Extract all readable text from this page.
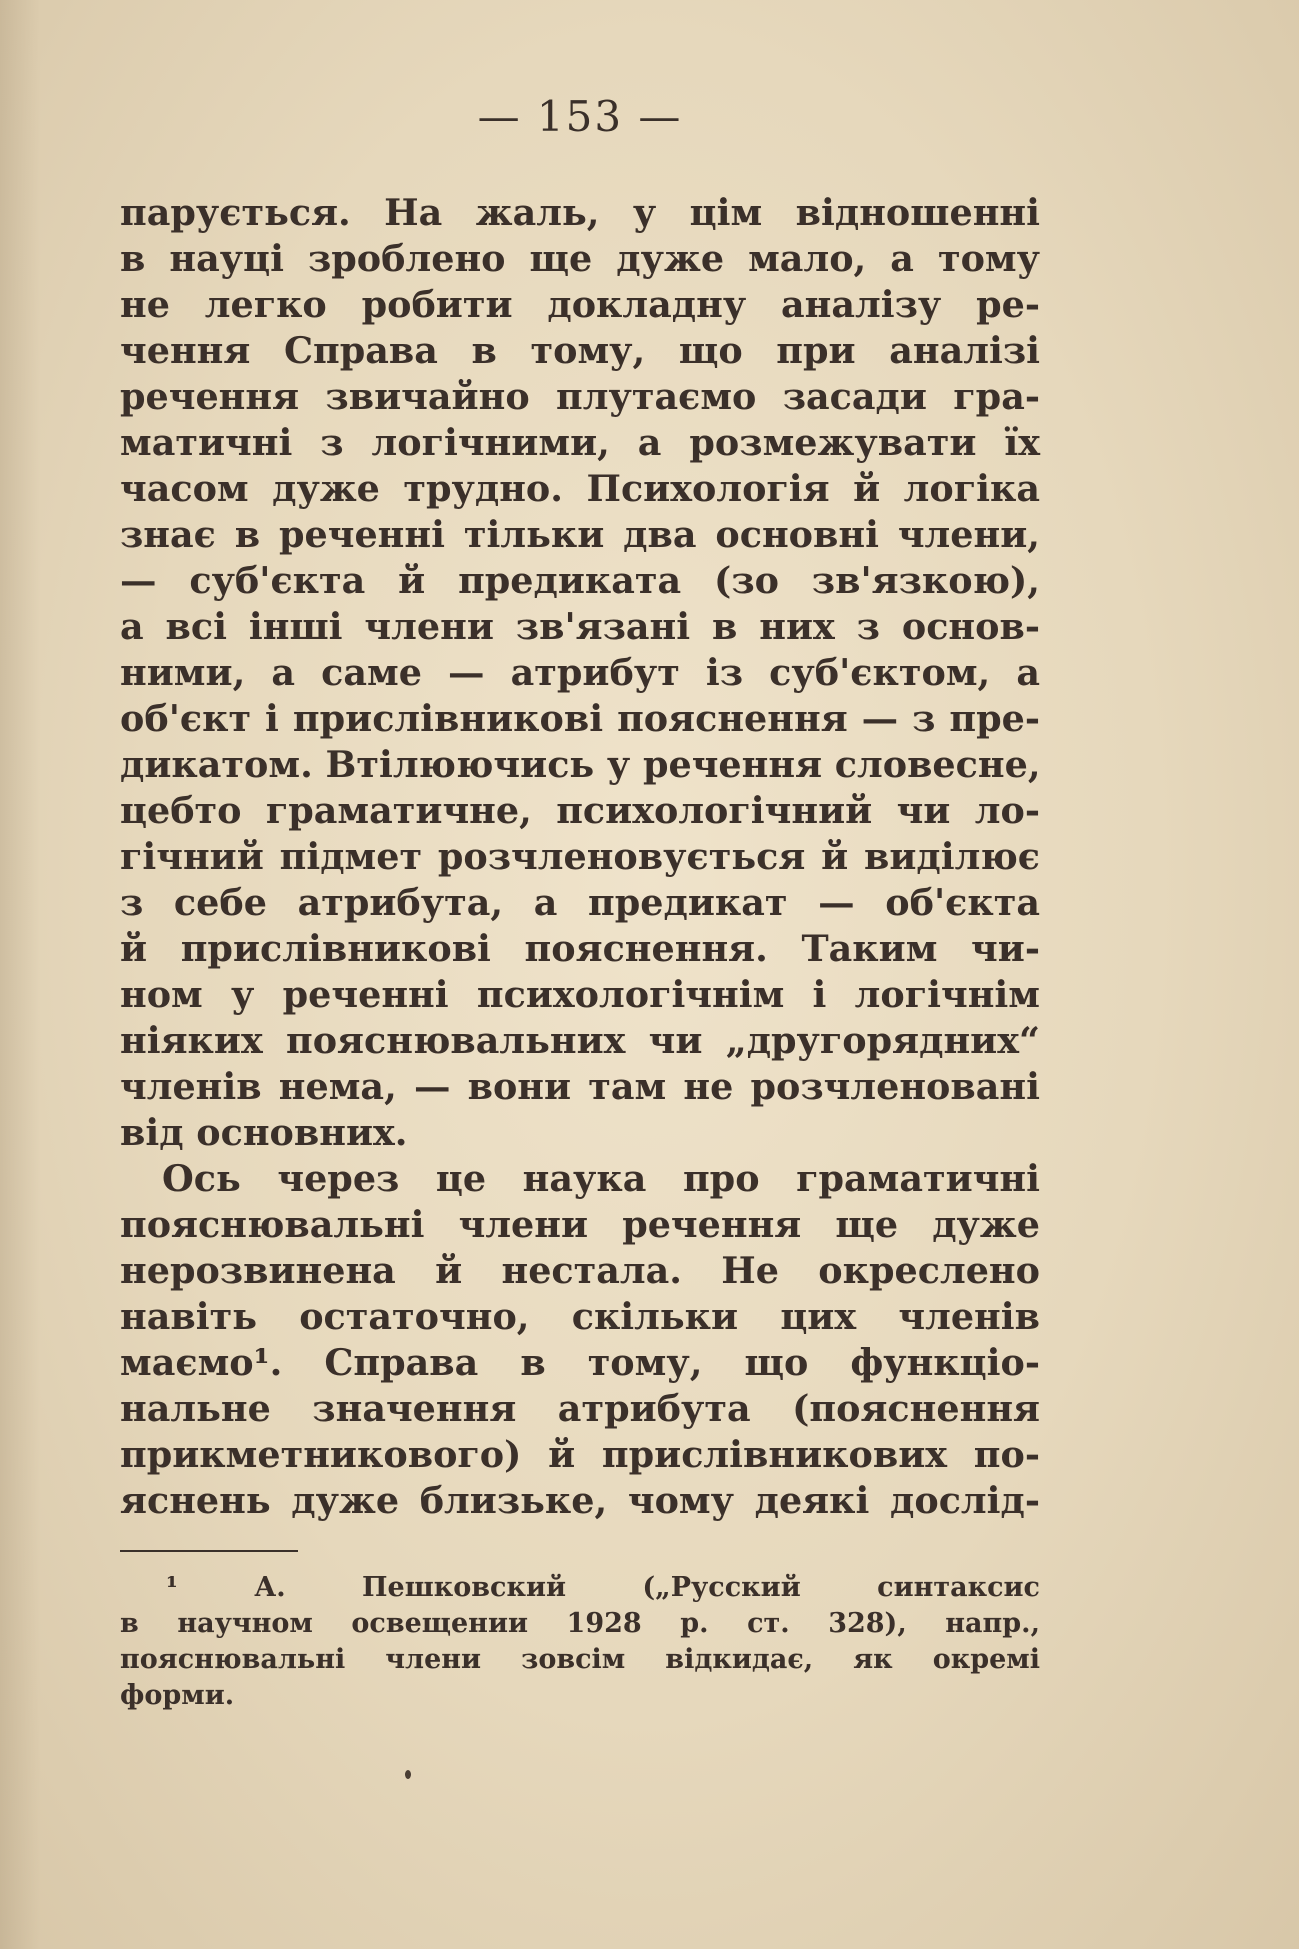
— 153 —
парується. На жаль, у цім відношенні
в науці зроблено ще дуже мало, а тому
не легко робити докладну аналізу ре-
чення Справа в тому, що при аналізі
речення звичайно плутаємо засади гра-
матичні з логічними, а розмежувати їх
часом дуже трудно. Психологія й логіка
знає в реченні тільки два основні члени,
— суб'єкта й предиката (зо зв'язкою),
а всі інші члени зв'язані в них з основ-
ними, а саме — атрибут із суб'єктом, а
об'єкт і прислівникові пояснення — з пре-
дикатом. Втілюючись у речення словесне,
цебто граматичне, психологічний чи ло-
гічний підмет розчленовується й виділює
з себе атрибута, а предикат — об'єкта
й прислівникові пояснення. Таким чи-
ном у реченні психологічнім і логічнім
ніяких пояснювальних чи „другорядних“
членів нема, — вони там не розчленовані
від основних.
Ось через це наука про граматичні
пояснювальні члени речення ще дуже
нерозвинена й нестала. Не окреслено
навіть остаточно, скільки цих членів
маємо¹. Справа в тому, що функціо-
нальне значення атрибута (пояснення
прикметникового) й прислівникових по-
яснень дуже близьке, чому деякі дослід-
¹ А. Пешковский („Русский синтаксис
в научном освещении 1928 р. ст. 328), напр.,
пояснювальні члени зовсім відкидає, як окремі
форми.
